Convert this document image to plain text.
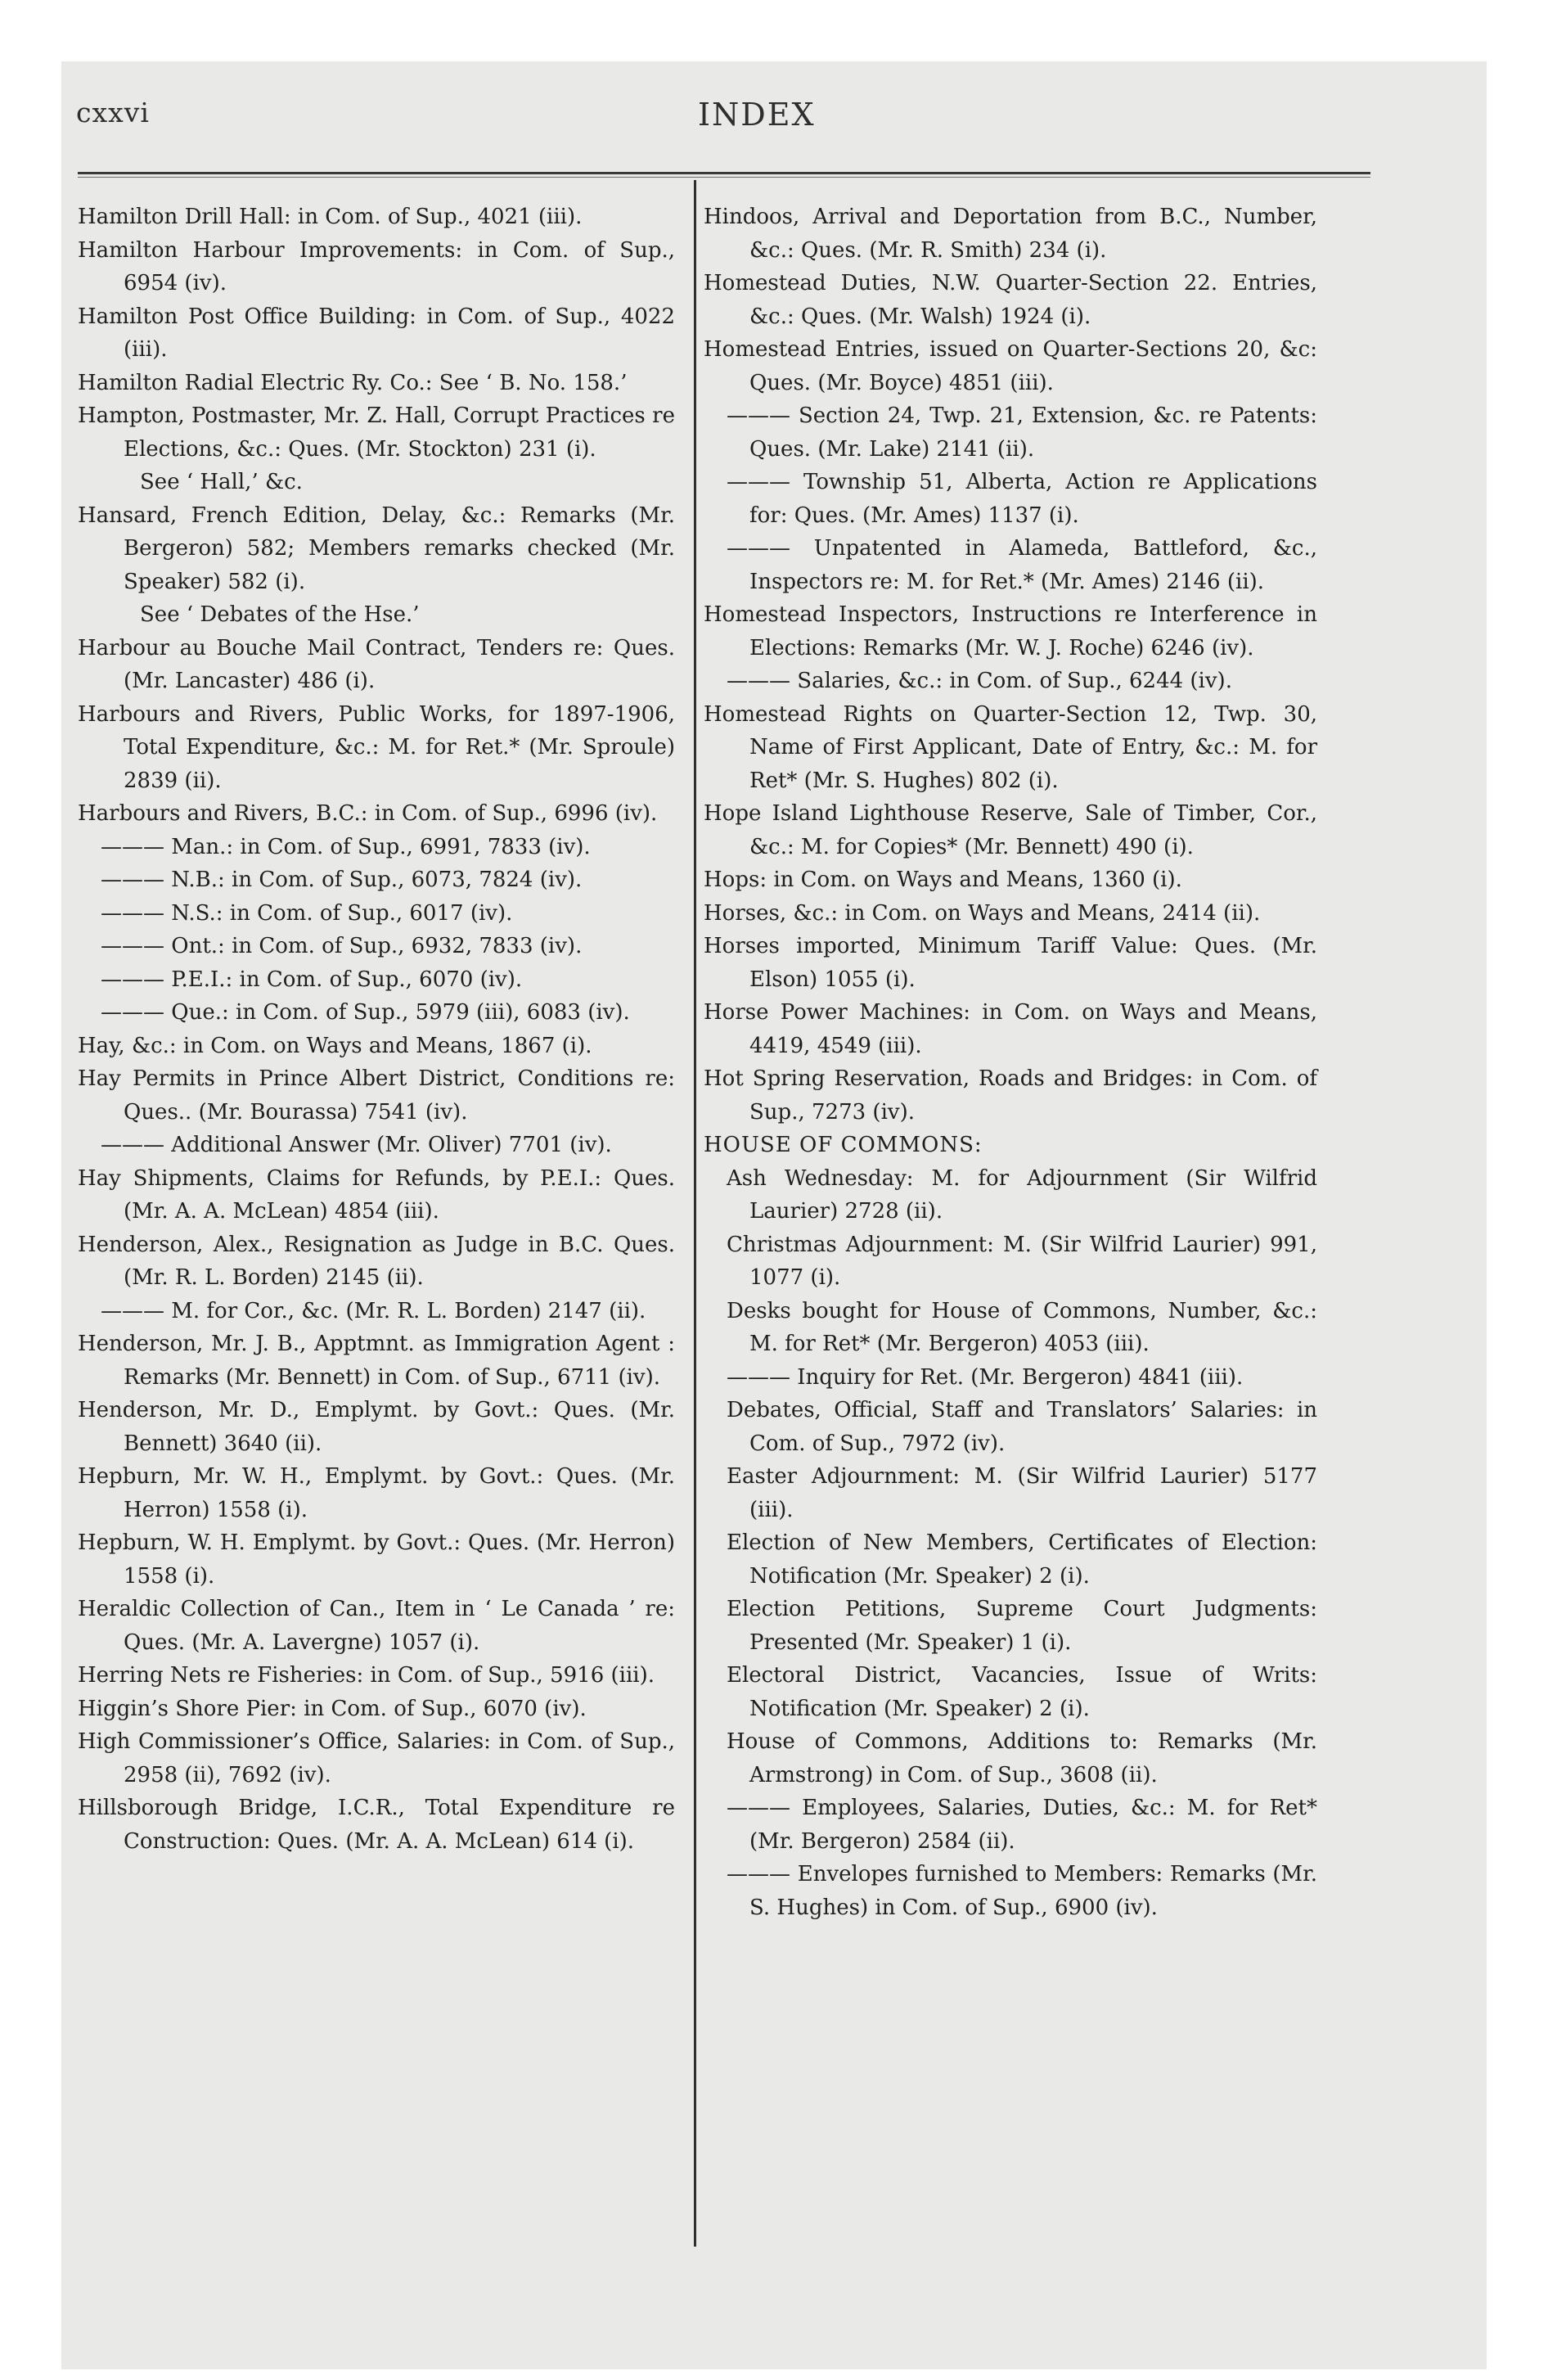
cxxvi	INDEX

Hamilton Drill Hall: in Com. of Sup., 4021 (iii).

Hamilton Harbour Improvements: in Com. of Sup., 6954 (iv).

Hamilton Post Office Building: in Com. of Sup., 4022 (iii).

Hamilton Radial Electric Ry. Co.: See ‘ B. No. 158.’

Hampton, Postmaster, Mr. Z. Hall, Corrupt Practices re Elections, &c.: Ques. (Mr. Stockton) 231 (i).

See ‘ Hall,’ &c.

Hansard, French Edition, Delay, &c.: Remarks (Mr. Bergeron) 582; Members remarks checked (Mr. Speaker) 582 (i).

See ‘ Debates of the Hse.’

Harbour au Bouche Mail Contract, Tenders re: Ques. (Mr. Lancaster) 486 (i).

Harbours and Rivers, Public Works, for 1897-1906, Total Expenditure, &c.: M. for Ret.* (Mr. Sproule) 2839 (ii).

Harbours and Rivers, B.C.: in Com. of Sup., 6996 (iv).

——— Man.: in Com. of Sup., 6991, 7833 (iv).

——— N.B.: in Com. of Sup., 6073, 7824 (iv).

——— N.S.: in Com. of Sup., 6017 (iv).

——— Ont.: in Com. of Sup., 6932, 7833 (iv).

——— P.E.I.: in Com. of Sup., 6070 (iv).

——— Que.: in Com. of Sup., 5979 (iii), 6083 (iv).

Hay, &c.: in Com. on Ways and Means, 1867 (i).

Hay Permits in Prince Albert District, Conditions re: Ques.. (Mr. Bourassa) 7541 (iv).

——— Additional Answer (Mr. Oliver) 7701 (iv).

Hay Shipments, Claims for Refunds, by P.E.I.: Ques. (Mr. A. A. McLean) 4854 (iii).

Henderson, Alex., Resignation as Judge in B.C. Ques. (Mr. R. L. Borden) 2145 (ii).

——— M. for Cor., &c. (Mr. R. L. Borden) 2147 (ii).

Henderson, Mr. J. B., Apptmnt. as Immigration Agent : Remarks (Mr. Bennett) in Com. of Sup., 6711 (iv).

Henderson, Mr. D., Emplymt. by Govt.: Ques. (Mr. Bennett) 3640 (ii).

Hepburn, Mr. W. H., Emplymt. by Govt.: Ques. (Mr. Herron) 1558 (i).

Hepburn, W. H. Emplymt. by Govt.: Ques. (Mr. Herron) 1558 (i).

Heraldic Collection of Can., Item in ‘ Le Canada ’ re: Ques. (Mr. A. Lavergne) 1057 (i).

Herring Nets re Fisheries: in Com. of Sup., 5916 (iii).

Higgin’s Shore Pier: in Com. of Sup., 6070 (iv).

High Commissioner’s Office, Salaries: in Com. of Sup., 2958 (ii), 7692 (iv).

Hillsborough Bridge, I.C.R., Total Expenditure re Construction: Ques. (Mr. A. A. McLean) 614 (i).

Hindoos, Arrival and Deportation from B.C., Number, &c.: Ques. (Mr. R. Smith) 234 (i).

Homestead Duties, N.W. Quarter-Section 22. Entries, &c.: Ques. (Mr. Walsh) 1924 (i).

Homestead Entries, issued on Quarter-Sections 20, &c: Ques. (Mr. Boyce) 4851 (iii).

——— Section 24, Twp. 21, Extension, &c. re Patents: Ques. (Mr. Lake) 2141 (ii).

——— Township 51, Alberta, Action re Applications for: Ques. (Mr. Ames) 1137 (i).

——— Unpatented in Alameda, Battleford, &c., Inspectors re: M. for Ret.* (Mr. Ames) 2146 (ii).

Homestead Inspectors, Instructions re Interference in Elections: Remarks (Mr. W. J. Roche) 6246 (iv).

——— Salaries, &c.: in Com. of Sup., 6244 (iv).

Homestead Rights on Quarter-Section 12, Twp. 30, Name of First Applicant, Date of Entry, &c.: M. for Ret* (Mr. S. Hughes) 802 (i).

Hope Island Lighthouse Reserve, Sale of Timber, Cor., &c.: M. for Copies* (Mr. Bennett) 490 (i).

Hops: in Com. on Ways and Means, 1360 (i).

Horses, &c.: in Com. on Ways and Means, 2414 (ii).

Horses imported, Minimum Tariff Value: Ques. (Mr. Elson) 1055 (i).

Horse Power Machines: in Com. on Ways and Means, 4419, 4549 (iii).

Hot Spring Reservation, Roads and Bridges: in Com. of Sup., 7273 (iv).

HOUSE OF COMMONS:

Ash Wednesday: M. for Adjournment (Sir Wilfrid Laurier) 2728 (ii).

Christmas Adjournment: M. (Sir Wilfrid Laurier) 991, 1077 (i).

Desks bought for House of Commons, Number, &c.: M. for Ret* (Mr. Bergeron) 4053 (iii).

——— Inquiry for Ret. (Mr. Bergeron) 4841 (iii).

Debates, Official, Staff and Translators’ Salaries: in Com. of Sup., 7972 (iv).

Easter Adjournment: M. (Sir Wilfrid Laurier) 5177 (iii).

Election of New Members, Certificates of Election: Notification (Mr. Speaker) 2 (i).

Election Petitions, Supreme Court Judgments: Presented (Mr. Speaker) 1 (i).

Electoral District, Vacancies, Issue of Writs: Notification (Mr. Speaker) 2 (i).

House of Commons, Additions to: Remarks (Mr. Armstrong) in Com. of Sup., 3608 (ii).

——— Employees, Salaries, Duties, &c.: M. for Ret* (Mr. Bergeron) 2584 (ii).

——— Envelopes furnished to Members: Remarks (Mr. S. Hughes) in Com. of Sup., 6900 (iv).
